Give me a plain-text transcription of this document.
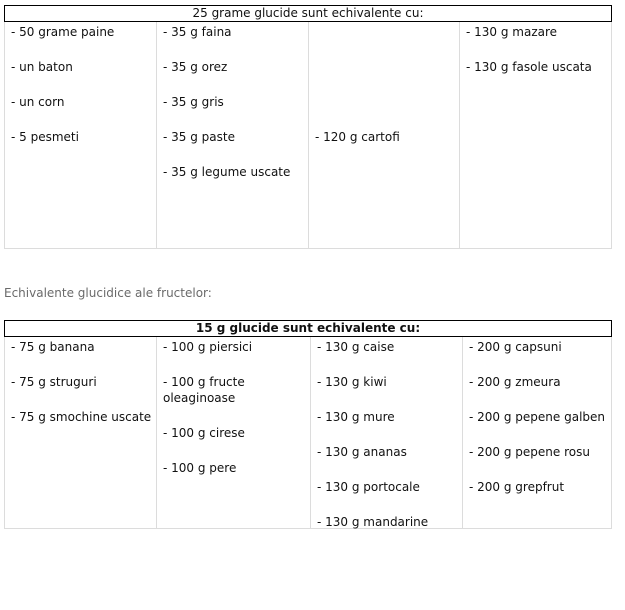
25 grame glucide sunt echivalente cu:
- 50 grame paine
- un baton
- un corn
- 5 pesmeti
- 35 g faina
- 35 g orez
- 35 g gris
- 35 g paste
- 35 g legume uscate
- 120 g cartofi
- 130 g mazare
- 130 g fasole uscata
Echivalente glucidice ale fructelor:
15 g glucide sunt echivalente cu:
- 75 g banana
- 75 g struguri
- 75 g smochine uscate
- 100 g piersici
- 100 g fructe oleaginoase
- 100 g cirese
- 100 g pere
- 130 g caise
- 130 g kiwi
- 130 g mure
- 130 g ananas
- 130 g portocale
- 130 g mandarine
- 200 g capsuni
- 200 g zmeura
- 200 g pepene galben
- 200 g pepene rosu
- 200 g grepfrut
